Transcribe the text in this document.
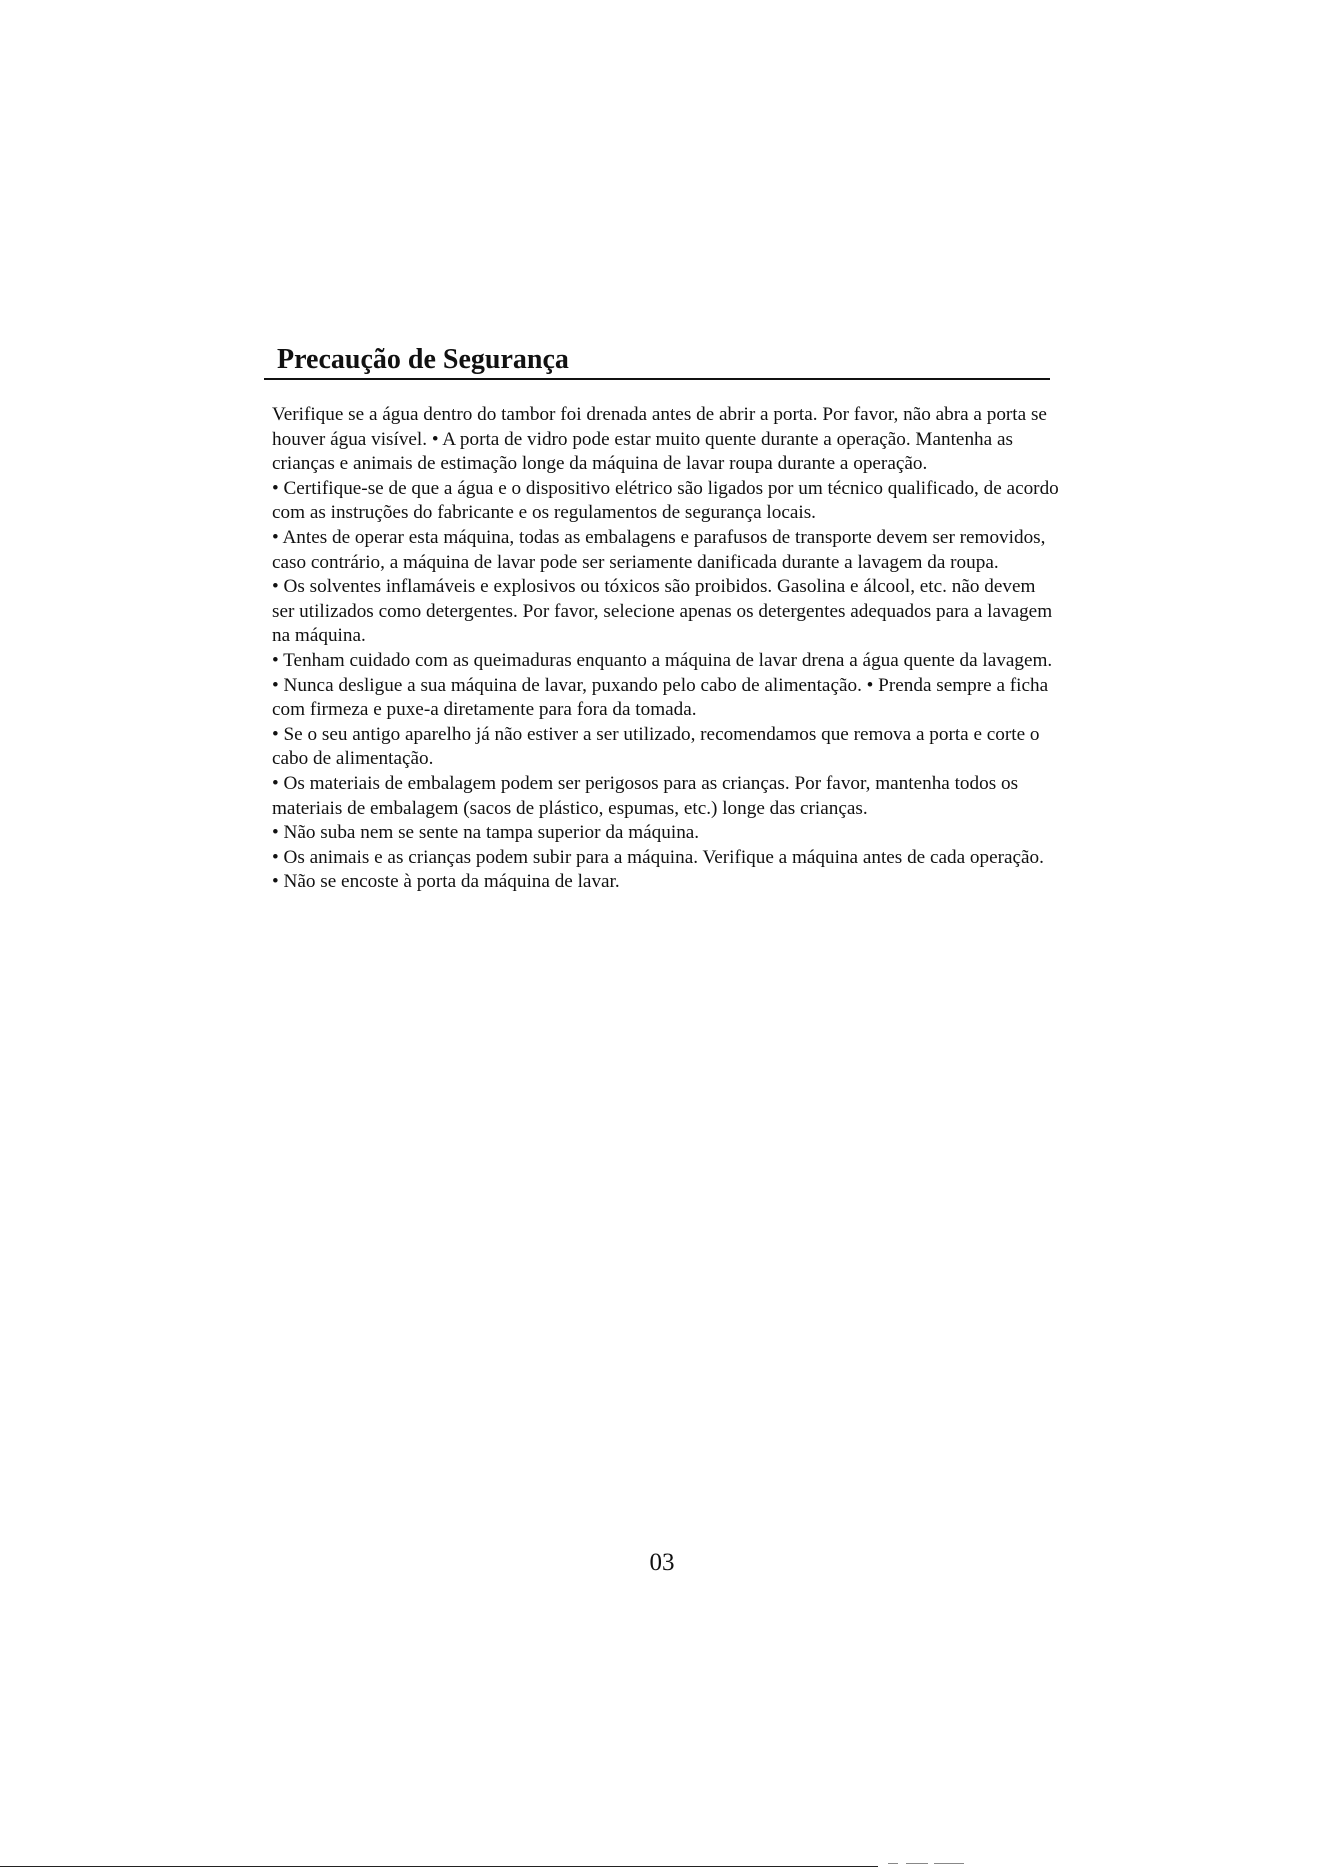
Precaução de Segurança

Verifique se a água dentro do tambor foi drenada antes de abrir a porta. Por favor, não abra a porta se houver água visível. • A porta de vidro pode estar muito quente durante a operação. Mantenha as crianças e animais de estimação longe da máquina de lavar roupa durante a operação.

• Certifique-se de que a água e o dispositivo elétrico são ligados por um técnico qualificado, de acordo com as instruções do fabricante e os regulamentos de segurança locais.

• Antes de operar esta máquina, todas as embalagens e parafusos de transporte devem ser removidos, caso contrário, a máquina de lavar pode ser seriamente danificada durante a lavagem da roupa.

• Os solventes inflamáveis e explosivos ou tóxicos são proibidos. Gasolina e álcool, etc. não devem ser utilizados como detergentes. Por favor, selecione apenas os detergentes adequados para a lavagem na máquina.

• Tenham cuidado com as queimaduras enquanto a máquina de lavar drena a água quente da lavagem. • Nunca desligue a sua máquina de lavar, puxando pelo cabo de alimentação. • Prenda sempre a ficha com firmeza e puxe-a diretamente para fora da tomada.

• Se o seu antigo aparelho já não estiver a ser utilizado, recomendamos que remova a porta e corte o cabo de alimentação.

• Os materiais de embalagem podem ser perigosos para as crianças. Por favor, mantenha todos os materiais de embalagem (sacos de plástico, espumas, etc.) longe das crianças.

• Não suba nem se sente na tampa superior da máquina.

• Os animais e as crianças podem subir para a máquina. Verifique a máquina antes de cada operação.

• Não se encoste à porta da máquina de lavar.

03
